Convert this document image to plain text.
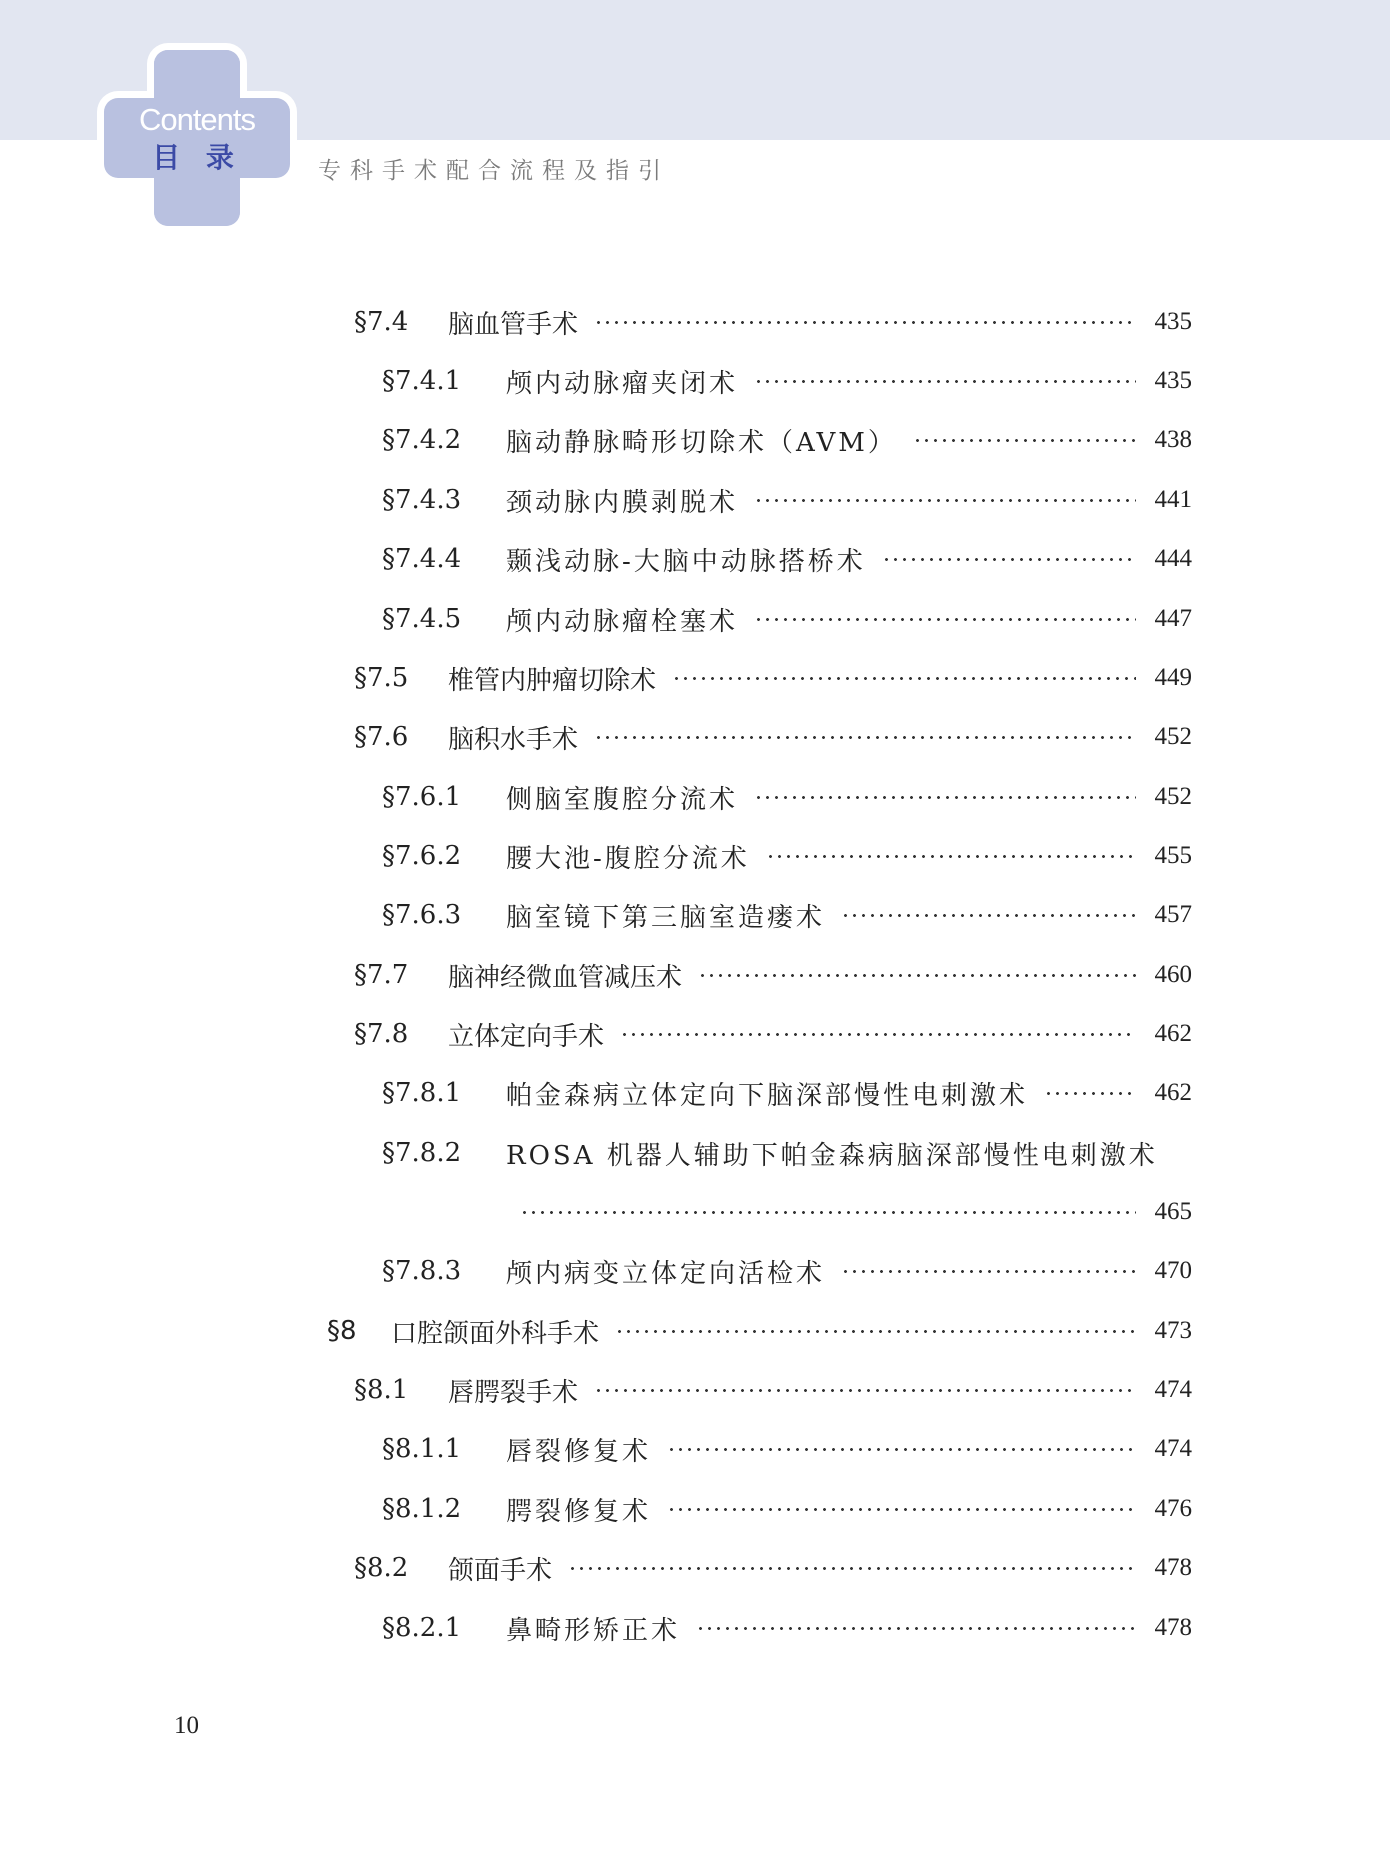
Contents
目 录	专科手术配合流程及指引
§7.4	脑血管手术	435
§7.4.1	颅内动脉瘤夹闭术	435
§7.4.2	脑动静脉畸形切除术（AVM）	438
§7.4.3	颈动脉内膜剥脱术	441
§7.4.4	颞浅动脉-大脑中动脉搭桥术	444
§7.4.5	颅内动脉瘤栓塞术	447
§7.5	椎管内肿瘤切除术	449
§7.6	脑积水手术	452
§7.6.1	侧脑室腹腔分流术	452
§7.6.2	腰大池-腹腔分流术	455
§7.6.3	脑室镜下第三脑室造瘘术	457
§7.7	脑神经微血管减压术	460
§7.8	立体定向手术	462
§7.8.1	帕金森病立体定向下脑深部慢性电刺激术	462
§7.8.2	ROSA 机器人辅助下帕金森病脑深部慢性电刺激术
465
§7.8.3	颅内病变立体定向活检术	470
§8	口腔颌面外科手术	473
§8.1	唇腭裂手术	474
§8.1.1	唇裂修复术	474
§8.1.2	腭裂修复术	476
§8.2	颌面手术	478
§8.2.1	鼻畸形矫正术	478
10
